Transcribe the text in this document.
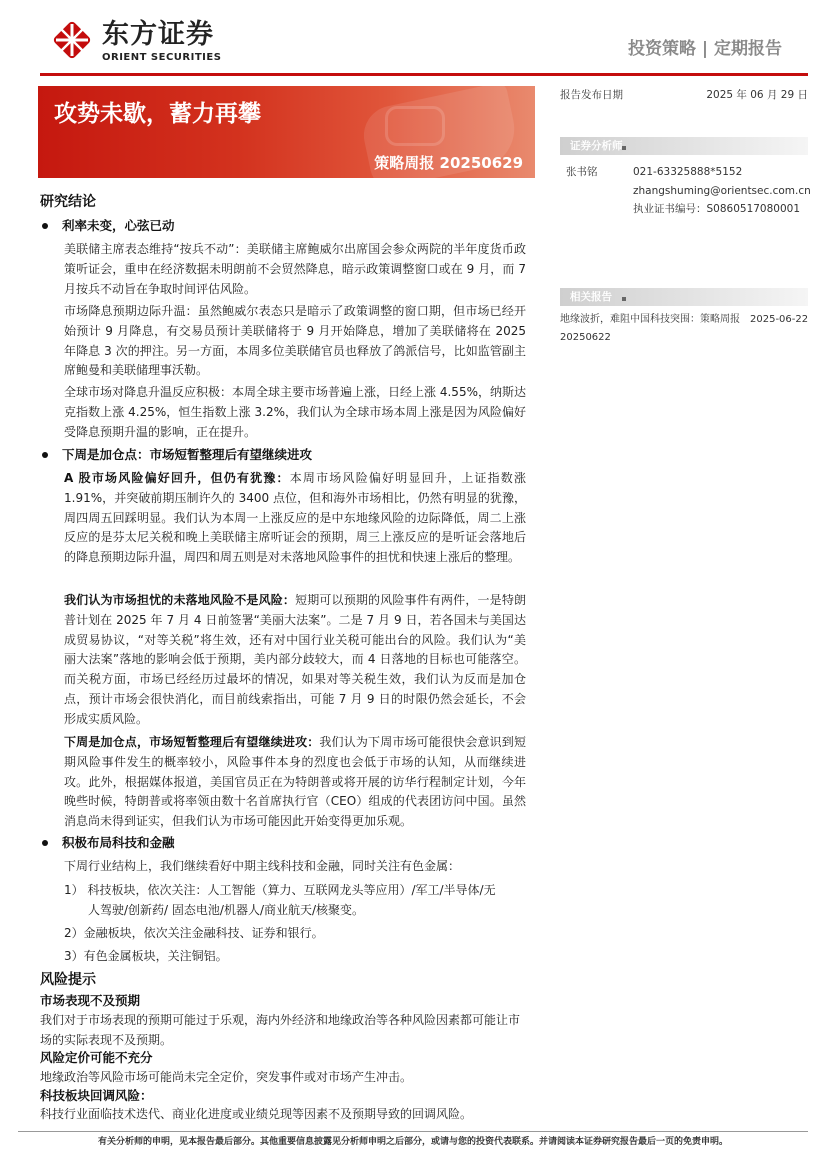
东方证券
ORIENT SECURITIES	投资策略 | 定期报告
攻势未歇，蓄力再攀
策略周报 20250629
报告发布日期	2025 年 06 月 29 日
证券分析师
张书铭	021-63325888*5152
zhangshuming@orientsec.com.cn
执业证书编号：S0860517080001
相关报告
地缘波折，难阻中国科技突围：策略周报	2025-06-22
20250622
研究结论
利率未变，心弦已动
美联储主席表态维持“按兵不动”：美联储主席鲍威尔出席国会参众两院的半年度货币政策听证会，重申在经济数据未明朗前不会贸然降息，暗示政策调整窗口或在 9 月，而 7 月按兵不动旨在争取时间评估风险。
市场降息预期边际升温：虽然鲍威尔表态只是暗示了政策调整的窗口期，但市场已经开始预计 9 月降息，有交易员预计美联储将于 9 月开始降息，增加了美联储将在 2025 年降息 3 次的押注。另一方面，本周多位美联储官员也释放了鸽派信号，比如监管副主席鲍曼和美联储理事沃勒。
全球市场对降息升温反应积极：本周全球主要市场普遍上涨，日经上涨 4.55%，纳斯达克指数上涨 4.25%，恒生指数上涨 3.2%，我们认为全球市场本周上涨是因为风险偏好受降息预期升温的影响，正在提升。
下周是加仓点：市场短暂整理后有望继续进攻
A 股市场风险偏好回升，但仍有犹豫：本周市场风险偏好明显回升，上证指数涨 1.91%，并突破前期压制许久的 3400 点位，但和海外市场相比，仍然有明显的犹豫，周四周五回踩明显。我们认为本周一上涨反应的是中东地缘风险的边际降低，周二上涨反应的是芬太尼关税和晚上美联储主席听证会的预期，周三上涨反应的是听证会落地后的降息预期边际升温，周四和周五则是对未落地风险事件的担忧和快速上涨后的整理。
我们认为市场担忧的未落地风险不是风险：短期可以预期的风险事件有两件，一是特朗普计划在 2025 年 7 月 4 日前签署“美丽大法案”。二是 7 月 9 日，若各国未与美国达成贸易协议，“对等关税”将生效，还有对中国行业关税可能出台的风险。我们认为“美丽大法案”落地的影响会低于预期，美内部分歧较大，而 4 日落地的目标也可能落空。而关税方面，市场已经经历过最坏的情况，如果对等关税生效，我们认为反而是加仓点，预计市场会很快消化，而目前线索指出，可能 7 月 9 日的时限仍然会延长，不会形成实质风险。
下周是加仓点，市场短暂整理后有望继续进攻：我们认为下周市场可能很快会意识到短期风险事件发生的概率较小，风险事件本身的烈度也会低于市场的认知，从而继续进攻。此外，根据媒体报道，美国官员正在为特朗普或将开展的访华行程制定计划，今年晚些时候，特朗普或将率领由数十名首席执行官（CEO）组成的代表团访问中国。虽然消息尚未得到证实，但我们认为市场可能因此开始变得更加乐观。
积极布局科技和金融
下周行业结构上，我们继续看好中期主线科技和金融，同时关注有色金属：
1） 科技板块，依次关注：人工智能（算力、互联网龙头等应用）/军工/半导体/无
人驾驶/创新药/ 固态电池/机器人/商业航天/核聚变。
2）金融板块，依次关注金融科技、证券和银行。
3）有色金属板块，关注铜铝。
风险提示
市场表现不及预期
我们对于市场表现的预期可能过于乐观，海内外经济和地缘政治等各种风险因素都可能让市场的实际表现不及预期。
风险定价可能不充分
地缘政治等风险市场可能尚未完全定价，突发事件或对市场产生冲击。
科技板块回调风险：
科技行业面临技术迭代、商业化进度或业绩兑现等因素不及预期导致的回调风险。
有关分析师的申明，见本报告最后部分。其他重要信息披露见分析师申明之后部分，或请与您的投资代表联系。并请阅读本证券研究报告最后一页的免责申明。
